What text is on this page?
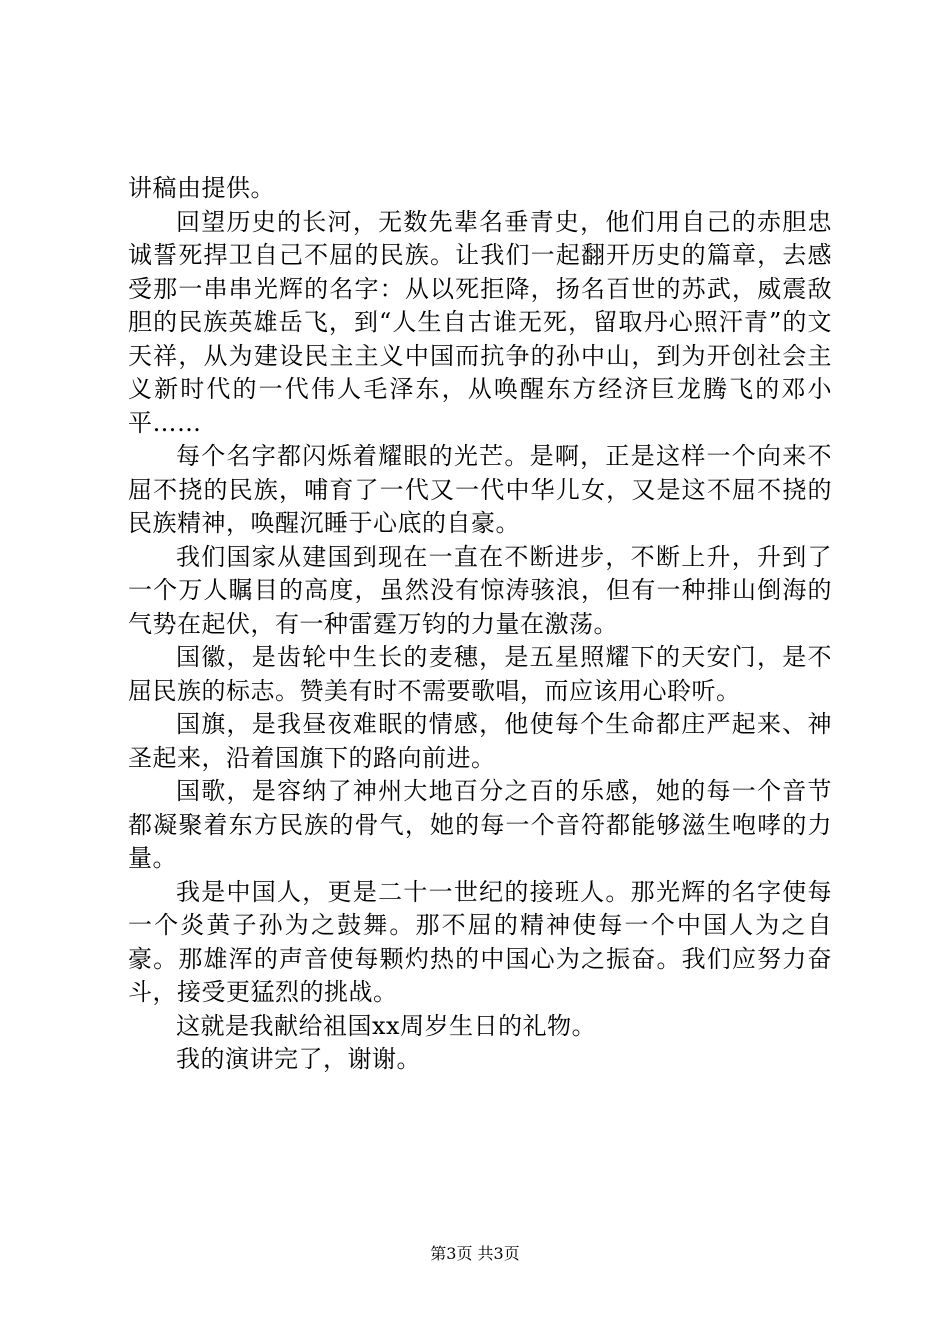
讲稿由提供。

回望历史的长河，无数先辈名垂青史，他们用自己的赤胆忠诚誓死捍卫自己不屈的民族。让我们一起翻开历史的篇章，去感受那一串串光辉的名字：从以死拒降，扬名百世的苏武，威震敌胆的民族英雄岳飞，到“人生自古谁无死，留取丹心照汗青”的文天祥，从为建设民主主义中国而抗争的孙中山，到为开创社会主义新时代的一代伟人毛泽东，从唤醒东方经济巨龙腾飞的邓小平……

每个名字都闪烁着耀眼的光芒。是啊，正是这样一个向来不屈不挠的民族，哺育了一代又一代中华儿女，又是这不屈不挠的民族精神，唤醒沉睡于心底的自豪。

我们国家从建国到现在一直在不断进步，不断上升，升到了一个万人瞩目的高度，虽然没有惊涛骇浪，但有一种排山倒海的气势在起伏，有一种雷霆万钧的力量在激荡。

国徽，是齿轮中生长的麦穗，是五星照耀下的天安门，是不屈民族的标志。赞美有时不需要歌唱，而应该用心聆听。

国旗，是我昼夜难眠的情感，他使每个生命都庄严起来、神圣起来，沿着国旗下的路向前进。

国歌，是容纳了神州大地百分之百的乐感，她的每一个音节都凝聚着东方民族的骨气，她的每一个音符都能够滋生咆哮的力量。

我是中国人，更是二十一世纪的接班人。那光辉的名字使每一个炎黄子孙为之鼓舞。那不屈的精神使每一个中国人为之自豪。那雄浑的声音使每颗灼热的中国心为之振奋。我们应努力奋斗，接受更猛烈的挑战。

这就是我献给祖国xx周岁生日的礼物。

我的演讲完了，谢谢。

第3页 共3页
